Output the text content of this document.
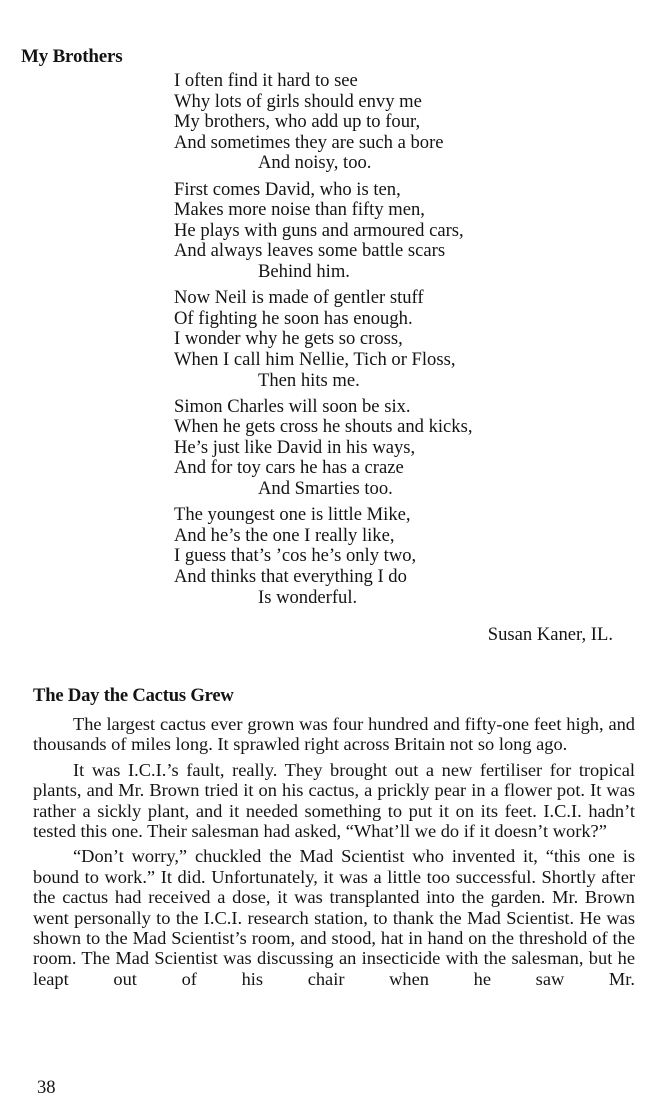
My Brothers
I often find it hard to see
Why lots of girls should envy me
My brothers, who add up to four,
And sometimes they are such a bore
And noisy, too.
First comes David, who is ten,
Makes more noise than fifty men,
He plays with guns and armoured cars,
And always leaves some battle scars
Behind him.
Now Neil is made of gentler stuff
Of fighting he soon has enough.
I wonder why he gets so cross,
When I call him Nellie, Tich or Floss,
Then hits me.
Simon Charles will soon be six.
When he gets cross he shouts and kicks,
He’s just like David in his ways,
And for toy cars he has a craze
And Smarties too.
The youngest one is little Mike,
And he’s the one I really like,
I guess that’s ’cos he’s only two,
And thinks that everything I do
Is wonderful.
Susan Kaner, IL.
The Day the Cactus Grew

The largest cactus ever grown was four hundred and fifty-one feet high, and thousands of miles long. It sprawled right across Britain not so long ago.

It was I.C.I.’s fault, really. They brought out a new fertiliser for tropical plants, and Mr. Brown tried it on his cactus, a prickly pear in a flower pot. It was rather a sickly plant, and it needed something to put it on its feet. I.C.I. hadn’t tested this one. Their salesman had asked, “What’ll we do if it doesn’t work?”

“Don’t worry,” chuckled the Mad Scientist who invented it, “this one is bound to work.” It did. Unfortunately, it was a little too successful. Shortly after the cactus had received a dose, it was transplanted into the garden. Mr. Brown went personally to the I.C.I. research station, to thank the Mad Scientist. He was shown to the Mad Scientist’s room, and stood, hat in hand on the threshold of the room. The Mad Scientist was discussing an insecticide with the salesman, but he leapt out of his chair when he saw Mr.

38
